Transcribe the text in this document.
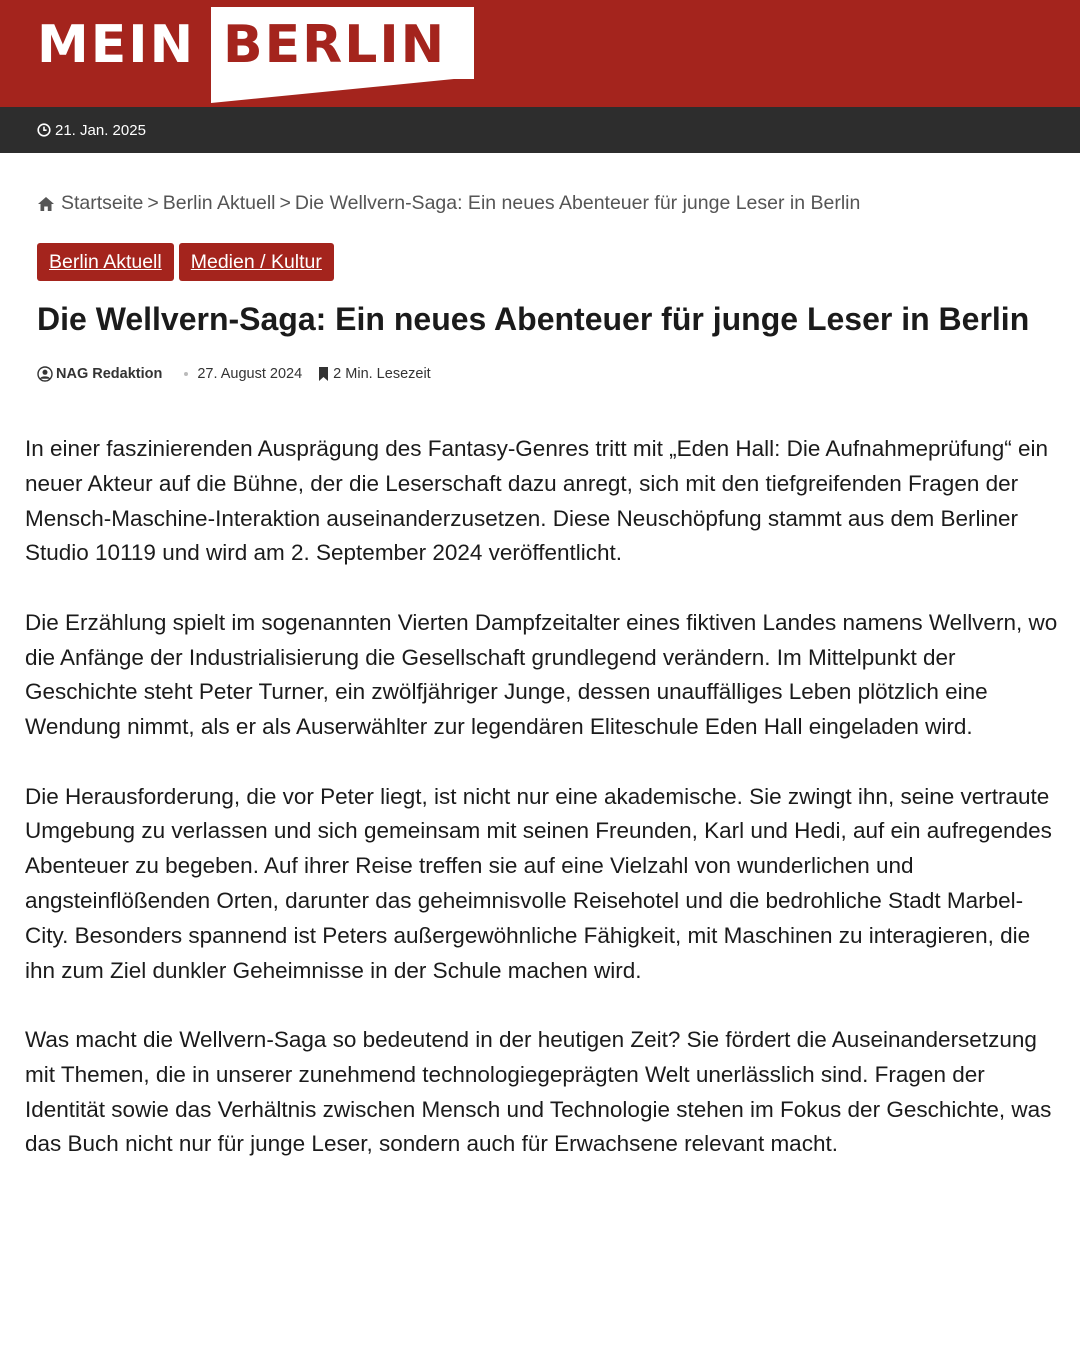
MEIN BERLIN
21. Jan. 2025
Startseite > Berlin Aktuell > Die Wellvern-Saga: Ein neues Abenteuer für junge Leser in Berlin
Berlin Aktuell	Medien / Kultur
Die Wellvern-Saga: Ein neues Abenteuer für junge Leser in Berlin
NAG Redaktion 27. August 2024 2 Min. Lesezeit

In einer faszinierenden Ausprägung des Fantasy-Genres tritt mit „Eden Hall: Die Aufnahmeprüfung“ ein neuer Akteur auf die Bühne, der die Leserschaft dazu anregt, sich mit den tiefgreifenden Fragen der Mensch-Maschine-Interaktion auseinanderzusetzen. Diese Neuschöpfung stammt aus dem Berliner Studio 10119 und wird am 2. September 2024 veröffentlicht.

Die Erzählung spielt im sogenannten Vierten Dampfzeitalter eines fiktiven Landes namens Wellvern, wo die Anfänge der Industrialisierung die Gesellschaft grundlegend verändern. Im Mittelpunkt der Geschichte steht Peter Turner, ein zwölfjähriger Junge, dessen unauffälliges Leben plötzlich eine Wendung nimmt, als er als Auserwählter zur legendären Eliteschule Eden Hall eingeladen wird.

Die Herausforderung, die vor Peter liegt, ist nicht nur eine akademische. Sie zwingt ihn, seine vertraute Umgebung zu verlassen und sich gemeinsam mit seinen Freunden, Karl und Hedi, auf ein aufregendes Abenteuer zu begeben. Auf ihrer Reise treffen sie auf eine Vielzahl von wunderlichen und angsteinflößenden Orten, darunter das geheimnisvolle Reisehotel und die bedrohliche Stadt Marbel-City. Besonders spannend ist Peters außergewöhnliche Fähigkeit, mit Maschinen zu interagieren, die ihn zum Ziel dunkler Geheimnisse in der Schule machen wird.

Was macht die Wellvern-Saga so bedeutend in der heutigen Zeit? Sie fördert die Auseinandersetzung mit Themen, die in unserer zunehmend technologiegeprägten Welt unerlässlich sind. Fragen der Identität sowie das Verhältnis zwischen Mensch und Technologie stehen im Fokus der Geschichte, was das Buch nicht nur für junge Leser, sondern auch für Erwachsene relevant macht.
